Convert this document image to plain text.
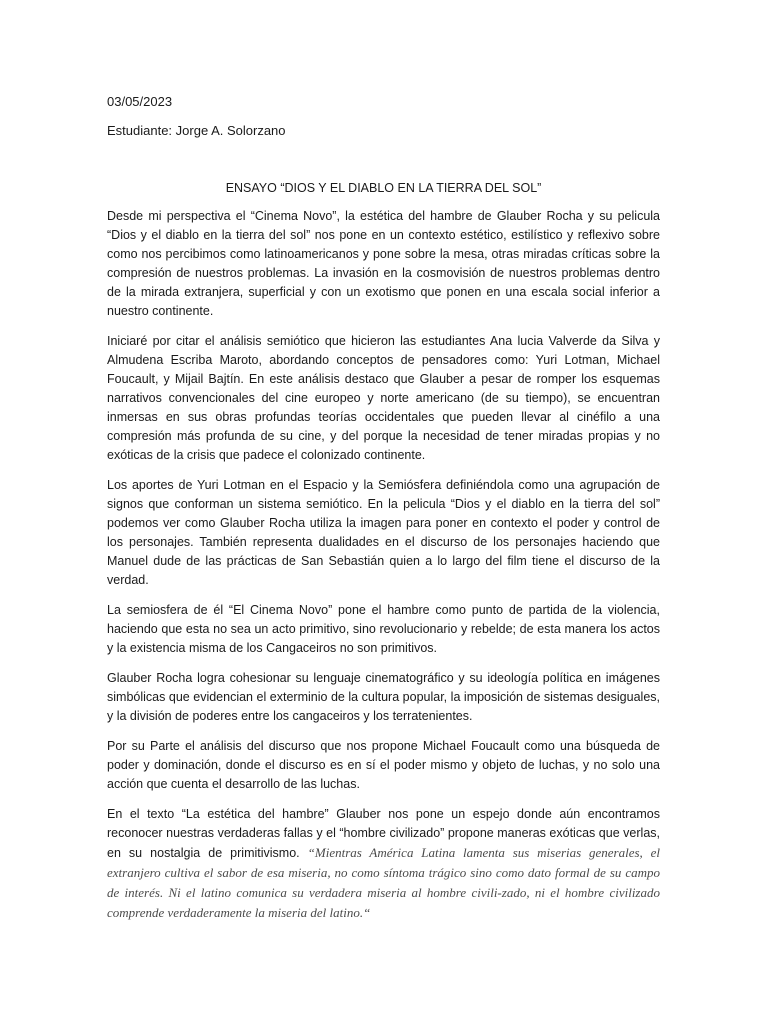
03/05/2023
Estudiante: Jorge A. Solorzano
ENSAYO “DIOS Y EL DIABLO EN LA TIERRA DEL SOL”

Desde mi perspectiva el “Cinema Novo”, la estética del hambre de Glauber Rocha y su pelicula “Dios y el diablo en la tierra del sol” nos pone en un contexto estético, estilístico y reflexivo sobre como nos percibimos como latinoamericanos y pone sobre la mesa, otras miradas críticas sobre la compresión de nuestros problemas. La invasión en la cosmovisión de nuestros problemas dentro de la mirada extranjera, superficial y con un exotismo que ponen en una escala social inferior a nuestro continente.

Iniciaré por citar el análisis semiótico que hicieron las estudiantes Ana lucia Valverde da Silva y Almudena Escriba Maroto, abordando conceptos de pensadores como: Yuri Lotman, Michael Foucault, y Mijail Bajtín. En este análisis destaco que Glauber a pesar de romper los esquemas narrativos convencionales del cine europeo y norte americano (de su tiempo), se encuentran inmersas en sus obras profundas teorías occidentales que pueden llevar al cinéfilo a una compresión más profunda de su cine, y del porque la necesidad de tener miradas propias y no exóticas de la crisis que padece el colonizado continente.

Los aportes de Yuri Lotman en el Espacio y la Semiósfera definiéndola como una agrupación de signos que conforman un sistema semiótico. En la pelicula “Dios y el diablo en la tierra del sol” podemos ver como Glauber Rocha utiliza la imagen para poner en contexto el poder y control de los personajes. También representa dualidades en el discurso de los personajes haciendo que Manuel dude de las prácticas de San Sebastián quien a lo largo del film tiene el discurso de la verdad.

La semiosfera de él “El Cinema Novo” pone el hambre como punto de partida de la violencia, haciendo que esta no sea un acto primitivo, sino revolucionario y rebelde; de esta manera los actos y la existencia misma de los Cangaceiros no son primitivos.

Glauber Rocha logra cohesionar su lenguaje cinematográfico y su ideología política en imágenes simbólicas que evidencian el exterminio de la cultura popular, la imposición de sistemas desiguales, y la división de poderes entre los cangaceiros y los terratenientes.

Por su Parte el análisis del discurso que nos propone Michael Foucault como una búsqueda de poder y dominación, donde el discurso es en sí el poder mismo y objeto de luchas, y no solo una acción que cuenta el desarrollo de las luchas.

En el texto “La estética del hambre” Glauber nos pone un espejo donde aún encontramos reconocer nuestras verdaderas fallas y el “hombre civilizado” propone maneras exóticas que verlas, en su nostalgia de primitivismo. “Mientras América Latina lamenta sus miserias generales, el extranjero cultiva el sabor de esa miseria, no como síntoma trágico sino como dato formal de su campo de interés. Ni el latino comunica su verdadera miseria al hombre civili-zado, ni el hombre civilizado comprende verdaderamente la miseria del latino.“
